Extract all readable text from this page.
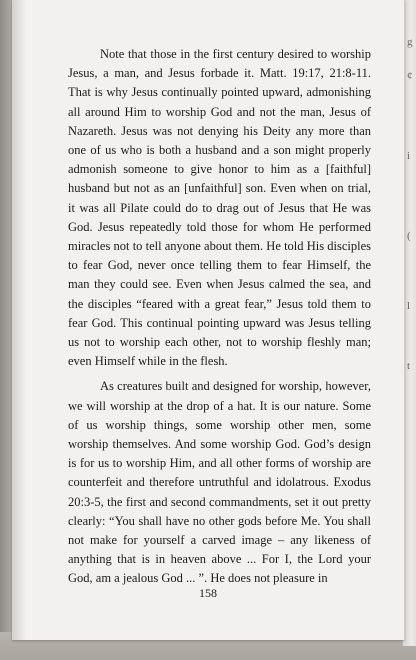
g
¢
i
(
l
t

Note that those in the first century desired to worship Jesus, a man, and Jesus forbade it. Matt. 19:17, 21:8-11. That is why Jesus continually pointed upward, admonishing all around Him to worship God and not the man, Jesus of Nazareth. Jesus was not denying his Deity any more than one of us who is both a husband and a son might properly admonish someone to give honor to him as a [faithful] husband but not as an [unfaithful] son. Even when on trial, it was all Pilate could do to drag out of Jesus that He was God. Jesus repeatedly told those for whom He performed miracles not to tell anyone about them. He told His disciples to fear God, never once telling them to fear Himself, the man they could see. Even when Jesus calmed the sea, and the disciples “feared with a great fear,” Jesus told them to fear God. This continual pointing upward was Jesus telling us not to worship each other, not to worship fleshly man; even Himself while in the flesh.

As creatures built and designed for worship, however, we will worship at the drop of a hat. It is our nature. Some of us worship things, some worship other men, some worship themselves. And some worship God. God’s design is for us to worship Him, and all other forms of worship are counterfeit and therefore untruthful and idolatrous. Exodus 20:3-5, the first and second commandments, set it out pretty clearly: “You shall have no other gods before Me. You shall not make for yourself a carved image – any likeness of anything that is in heaven above ... For I, the Lord your God, am a jealous God ... ”. He does not pleasure in

158
